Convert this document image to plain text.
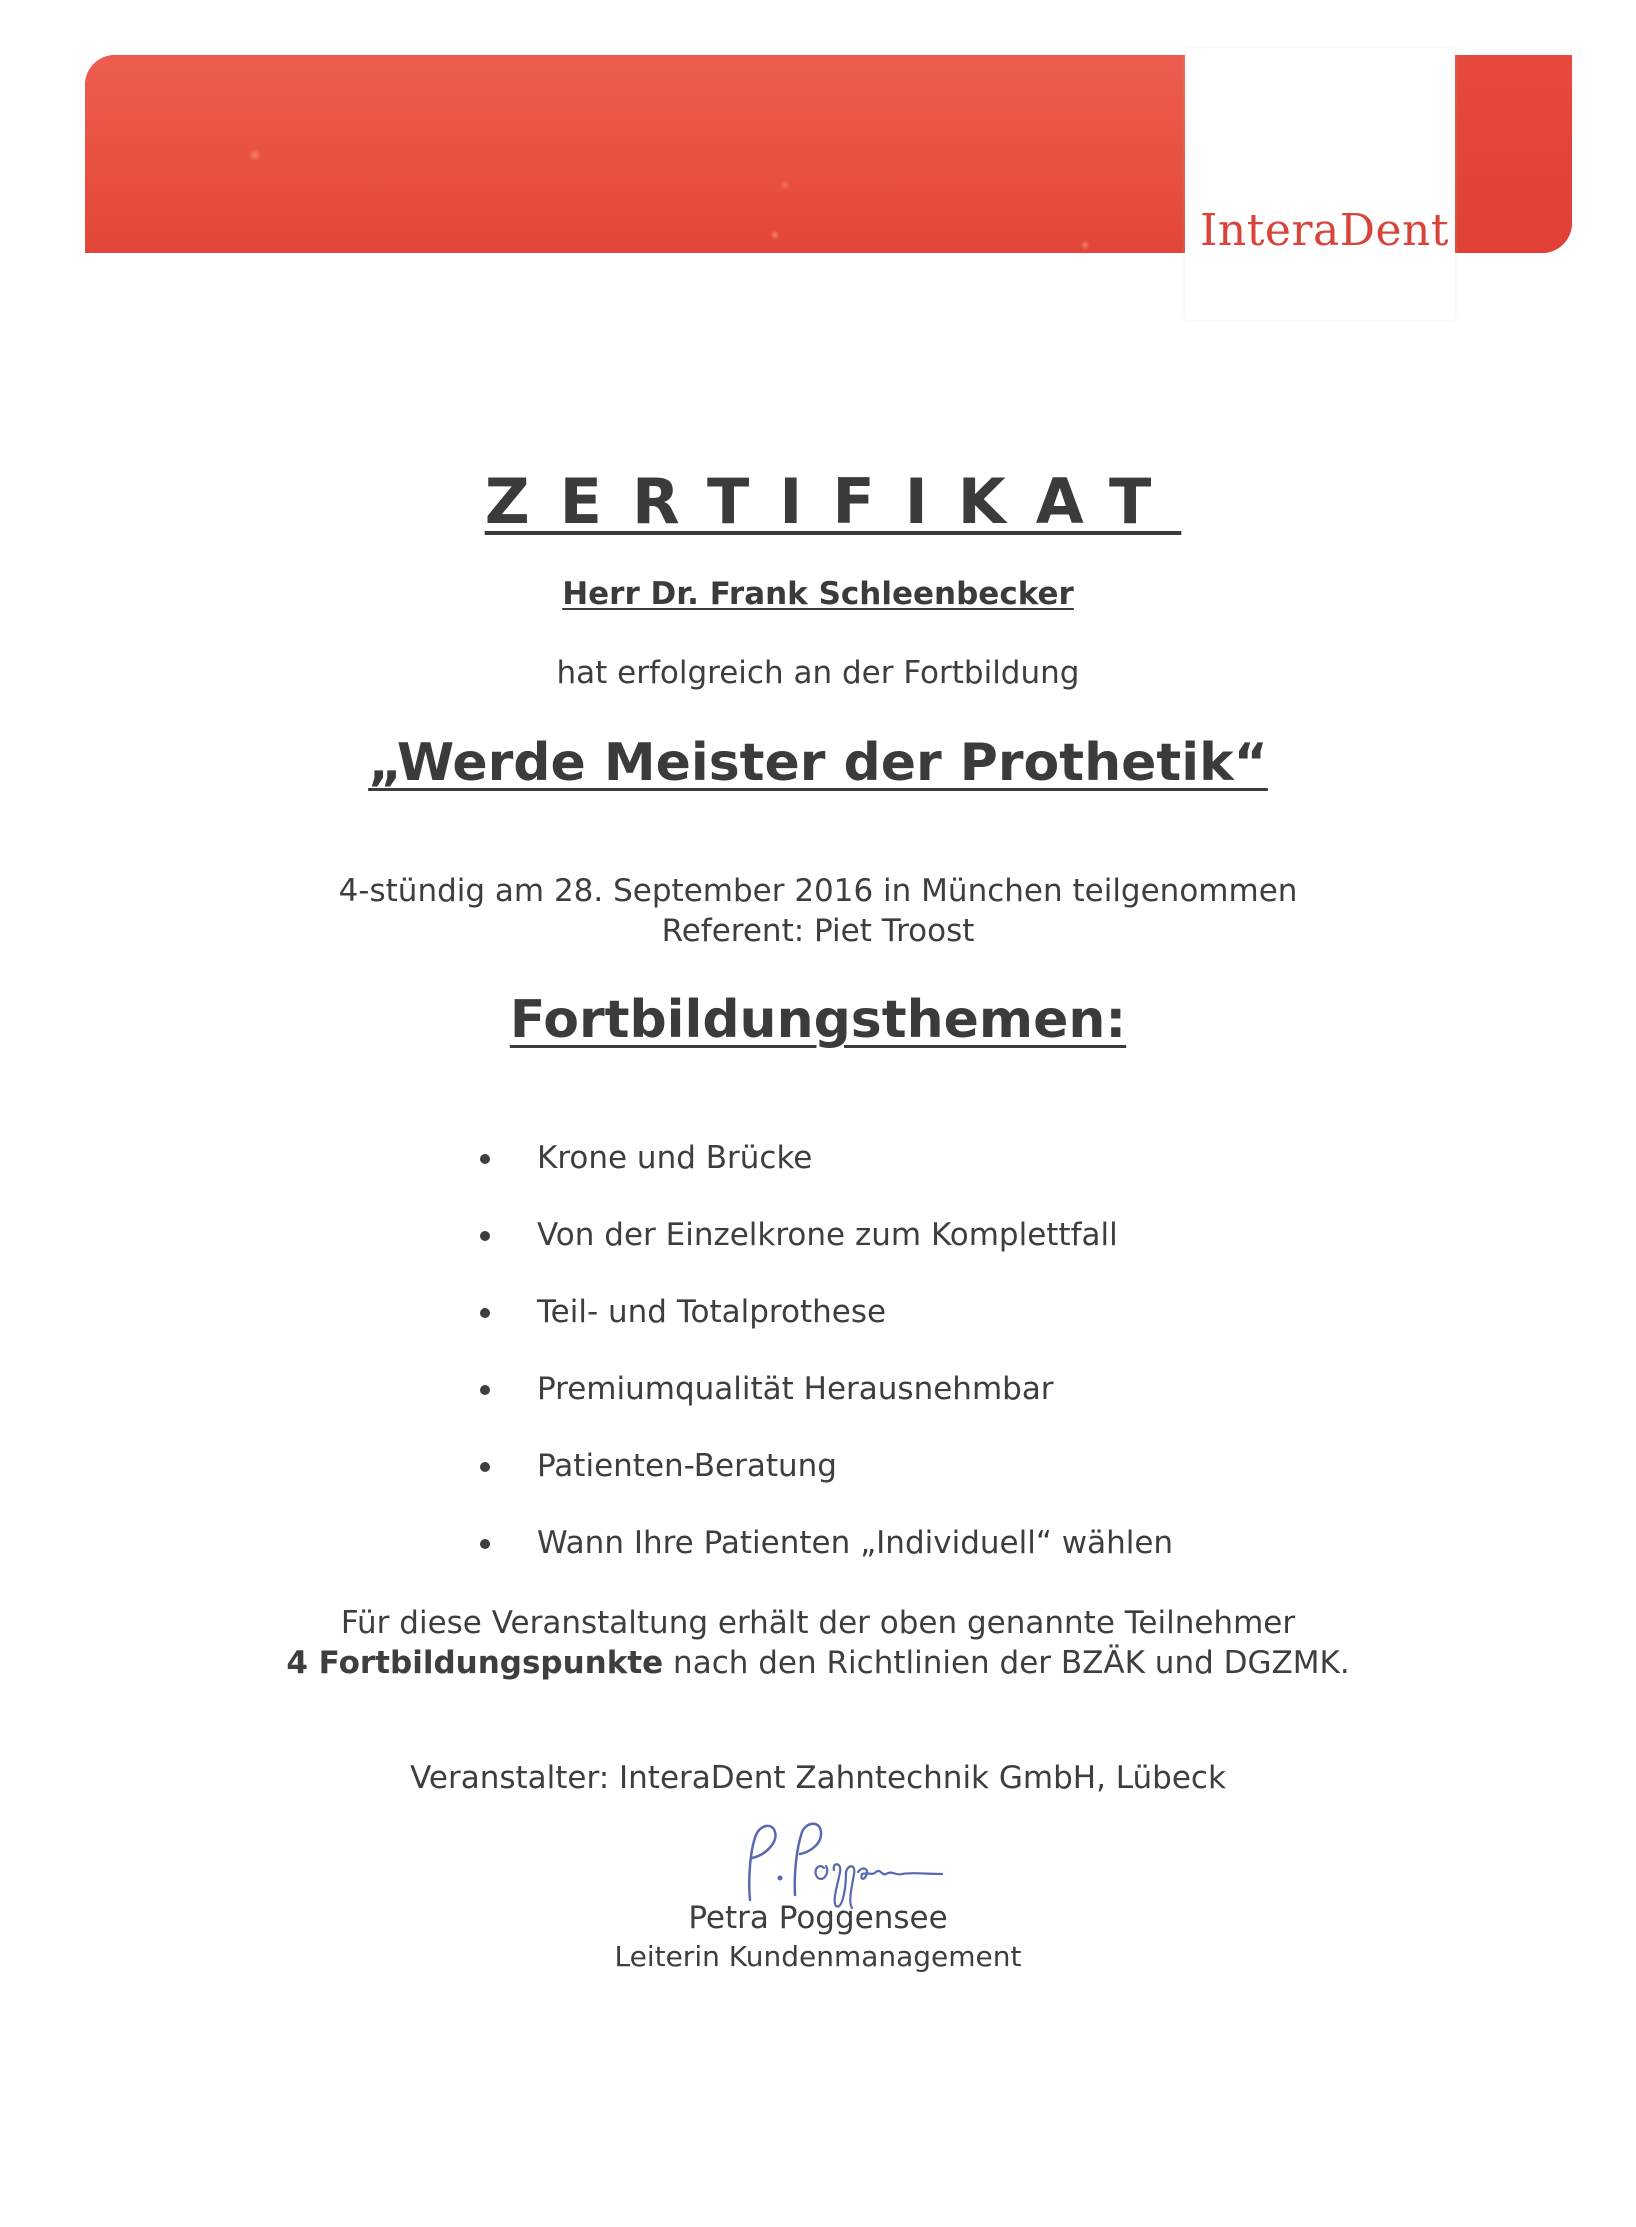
InteraDent
ZERTIFIKAT
Herr Dr. Frank Schleenbecker
hat erfolgreich an der Fortbildung
„Werde Meister der Prothetik“
4-stündig am 28. September 2016 in München teilgenommen
Referent: Piet Troost
Fortbildungsthemen:
Krone und Brücke
Von der Einzelkrone zum Komplettfall
Teil- und Totalprothese
Premiumqualität Herausnehmbar
Patienten-Beratung
Wann Ihre Patienten „Individuell“ wählen
Für diese Veranstaltung erhält der oben genannte Teilnehmer
4 Fortbildungspunkte nach den Richtlinien der BZÄK und DGZMK.
Veranstalter: InteraDent Zahntechnik GmbH, Lübeck
Petra Poggensee
Leiterin Kundenmanagement
